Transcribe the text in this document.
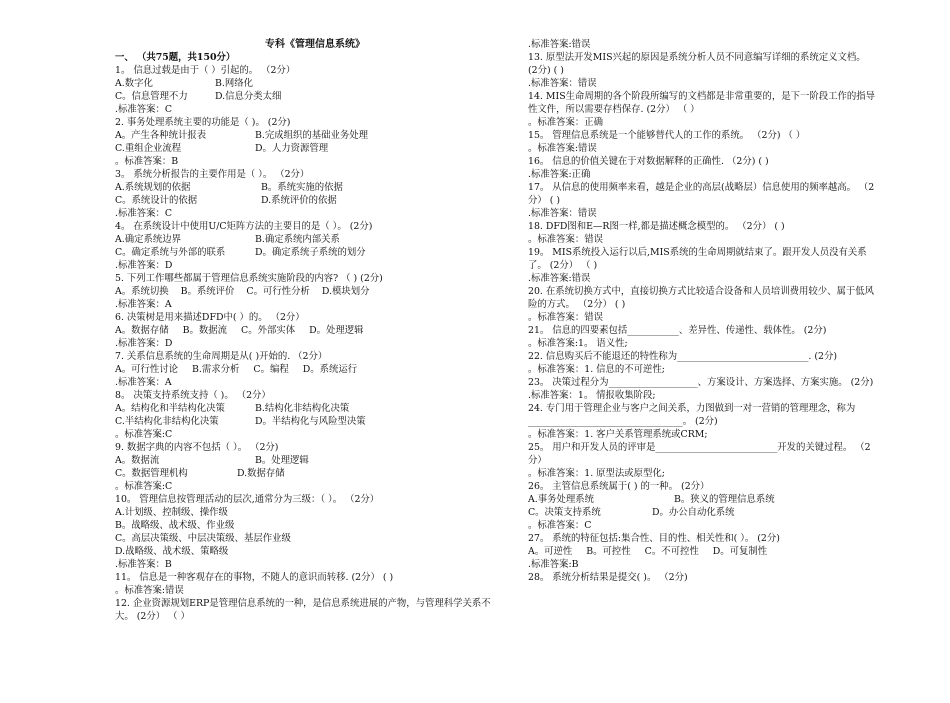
专科《管理信息系统》
一、 （共75题，共150分）
1。 信息过载是由于（ ）引起的。 （2分）
A.数字化	B.网络化
C。信息管理不力	D.信息分类太细
.标准答案：C
2. 事务处理系统主要的功能是（ )。 (2分)
A。产生各种统计报表	B.完成组织的基础业务处理
C.重组企业流程	D。人力资源管理
。标准答案：B
3。 系统分析报告的主要作用是（ ）。 （2分）
A.系统规划的依据	B。系统实施的依据
C。系统设计的依据	D.系统评价的依据
.标准答案：C
4。 在系统设计中使用U/C矩阵方法的主要目的是（ ）。 (2分)
A.确定系统边界	B.确定系统内部关系
C。确定系统与外部的联系	D。确定系统子系统的划分
.标准答案：D
5. 下列工作哪些都属于管理信息系统实施阶段的内容? （ ) (2分)
A。系统切换 B。系统评价 C。可行性分析 D.模块划分
.标准答案：A
6. 决策树是用来描述DFD中( ）的。 （2分）
A。数据存储 B。数据流 C。外部实体 D。处理逻辑
.标准答案：D
7. 关系信息系统的生命周期是从( )开始的. （2分）
A。可行性讨论 B.需求分析 C。编程 D。系统运行
.标准答案：A
8。 决策支持系统支持（ )。 （2分）
A。结构化和半结构化决策	B.结构化非结构化决策
C.半结构化非结构化决策	D。半结构化与风险型决策
。标准答案:C
9. 数据字典的内容不包括（ ）。 （2分)
A。数据流	B。处理逻辑
C。数据管理机构	D.数据存储
。标准答案:C
10。 管理信息按管理活动的层次,通常分为三级：（ ）。 （2分）
A.计划级、控制级、操作级
B。战略级、战术级、作业级
C。高层决策级、中层决策级、基层作业级
D.战略级、战术级、策略级
.标准答案：B
11。 信息是一种客观存在的事物，不随人的意识而转移. (2分） ( )
。标准答案:错误
12. 企业资源规划ERP是管理信息系统的一种，是信息系统进展的产物，与管理科学关系不大。 (2分） （ ）
.标准答案:错误
13. 原型法开发MIS兴起的原因是系统分析人员不同意编写详细的系统定义文档。 (2分) ( )
.标准答案：错误
14. MIS生命周期的各个阶段所编写的文档都是非常重要的，是下一阶段工作的指导性文件，所以需要存档保存. (2分） （ ）
。标准答案：正确
15。 管理信息系统是一个能够替代人的工作的系统。 （2分) （ ）
。标准答案:错误
16。 信息的价值关键在于对数据解释的正确性. （2分) ( )
.标准答案:正确
17。 从信息的使用频率来看，越是企业的高层(战略层）信息使用的频率越高。 （2分） ( )
.标准答案：错误
18. DFD图和E—R图一样,都是描述概念模型的。 （2分） ( )
。标准答案：错误
19。 MIS系统投入运行以后,MIS系统的生命周期就结束了。跟开发人员没有关系了。 (2分） （ )
.标准答案:错误
20. 在系统切换方式中，直接切换方式比较适合设备和人员培训费用较少、属于低风险的方式。 （2分） ( )
。标准答案：错误
21。 信息的四要素包括___________、差异性、传递性、载体性。 (2分)
。标准答案:1。 语义性;
22. 信息购买后不能退还的特性称为____________________________. (2分)
。标准答案：1. 信息的不可逆性;
23。 决策过程分为___________________、方案设计、方案选择、方案实施。 (2分)
.标准答案：1。 情报收集阶段;
24. 专门用于管理企业与客户之间关系，力图做到一对一营销的管理理念，称为_________________________________。 (2分)
。标准答案：1. 客户关系管理系统或CRM;
25。 用户和开发人员的评审是__________________________开发的关键过程。 （2分）
。标准答案：1. 原型法或原型化;
26。 主管信息系统属于( ) 的一种。 (2分）
A.事务处理系统	B。狭义的管理信息系统
C。决策支持系统	D。办公自动化系统
。标准答案：C
27。 系统的特征包括:集合性、目的性、相关性和( ）。 (2分)
A。可逆性 B。可控性 C。不可控性 D。可复制性
.标准答案:B
28。 系统分析结果是提交( )。 （2分)
